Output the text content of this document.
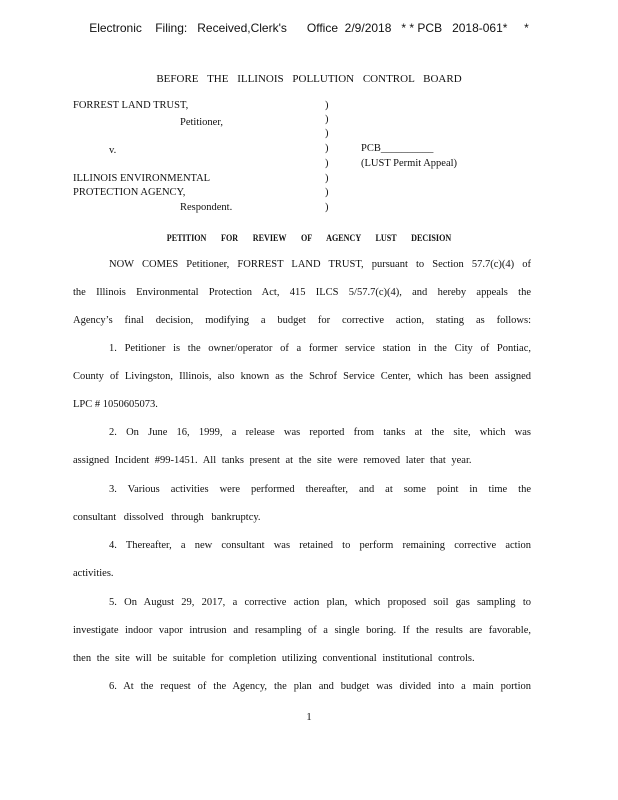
Electronic    Filing:   Received,Clerk's      Office  2/9/2018   * * PCB   2018-061*     *
BEFORE THE ILLINOIS POLLUTION CONTROL BOARD
FORREST LAND TRUST,
Petitioner,
v.
ILLINOIS ENVIRONMENTAL
PROTECTION AGENCY,
Respondent.
)
)
)
)
)
)
)
)
PCB__________
(LUST Permit Appeal)
PETITION FOR REVIEW OF AGENCY LUST DECISION
NOW COMES Petitioner, FORREST LAND TRUST, pursuant to Section 57.7(c)(4) of
the Illinois Environmental Protection Act, 415 ILCS 5/57.7(c)(4), and hereby appeals the
Agency’s final decision, modifying a budget for corrective action, stating as follows:
1. Petitioner is the owner/operator of a former service station in the City of Pontiac,
County of Livingston, Illinois, also known as the Schrof Service Center, which has been assigned
LPC # 1050605073.
2. On June 16, 1999, a release was reported from tanks at the site, which was
assigned Incident #99-1451. All tanks present at the site were removed later that year.
3. Various activities were performed thereafter, and at some point in time the
consultant dissolved through bankruptcy.
4. Thereafter, a new consultant was retained to perform remaining corrective action
activities.
5. On August 29, 2017, a corrective action plan, which proposed soil gas sampling to
investigate indoor vapor intrusion and resampling of a single boring. If the results are favorable,
then the site will be suitable for completion utilizing conventional institutional controls.
6. At the request of the Agency, the plan and budget was divided into a main portion
1
